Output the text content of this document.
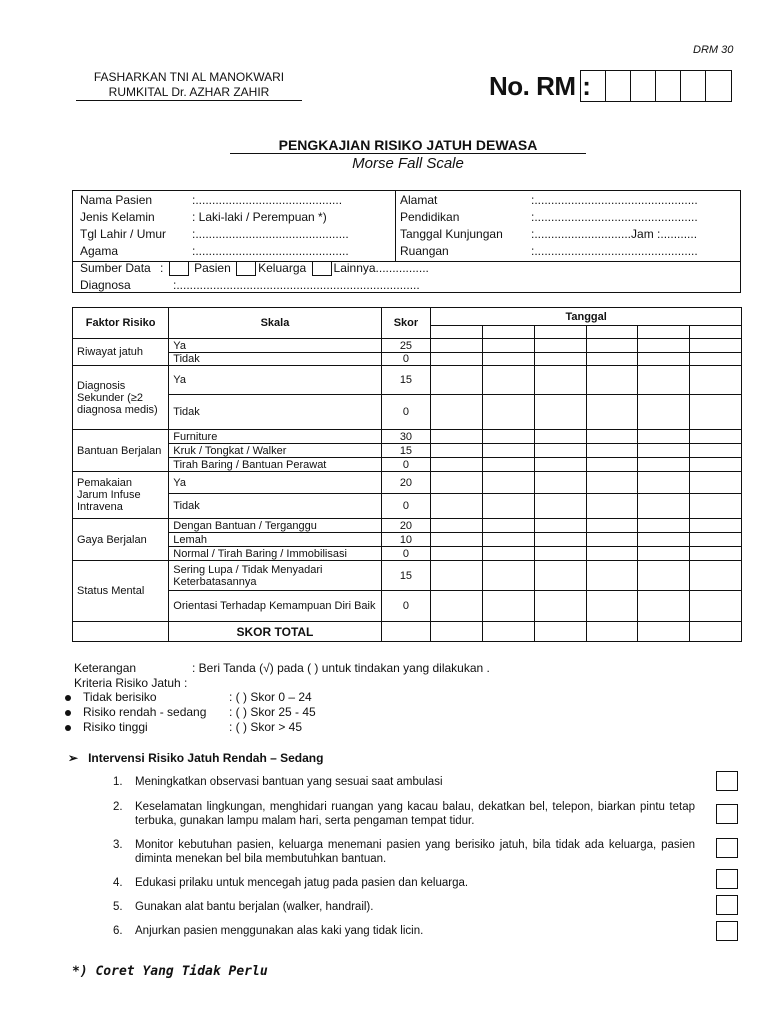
DRM 30
FASHARKAN TNI AL MANOKWARI
RUMKITAL Dr. AZHAR ZAHIR	No. RM :
PENGKAJIAN RISIKO JATUH DEWASA
Morse Fall Scale
Nama Pasien	:............................................
Jenis Kelamin	: Laki-laki / Perempuan *)
Tgl Lahir / Umur :..............................................
Agama	:..............................................
Alamat	:.................................................
Pendidikan	:.................................................
Tanggal Kunjungan :.............................Jam :...........
Ruangan	:.................................................
Sumber Data :	Pasien Keluarga Lainnya................
Diagnosa	:.........................................................................
Faktor Risiko	Skala	Skor	Tanggal					

Riwayat jatuh	Ya	25						
	Tidak	0						
Diagnosis Sekunder (≥2 diagnosa medis)	Ya	15						
	Tidak	0						
Bantuan Berjalan	Furniture	30						
	Kruk / Tongkat / Walker	15						
	Tirah Baring / Bantuan Perawat	0						
Pemakaian Jarum Infuse Intravena	Ya	20						
	Tidak	0						
Gaya Berjalan	Dengan Bantuan / Terganggu	20						
	Lemah	10						
	Normal / Tirah Baring / Immobilisasi	0						
Status Mental	Sering Lupa / Tidak Menyadari Keterbatasannya	15						
	Orientasi Terhadap Kemampuan Diri Baik	0						
	SKOR TOTAL							
Keterangan	: Beri Tanda (√) pada ( ) untuk tindakan yang dilakukan .
Kriteria Risiko Jatuh :
Tidak berisiko	: ( ) Skor 0 – 24
Risiko rendah - sedang : ( ) Skor 25 - 45
Risiko tinggi	: ( ) Skor > 45
➢ Intervensi Risiko Jatuh Rendah – Sedang
1.	Meningkatkan observasi bantuan yang sesuai saat ambulasi
2.	Keselamatan lingkungan, menghidari ruangan yang kacau balau, dekatkan bel, telepon, biarkan pintu tetap terbuka, gunakan lampu malam hari, serta pengaman tempat tidur.
3.	Monitor kebutuhan pasien, keluarga menemani pasien yang berisiko jatuh, bila tidak ada keluarga, pasien diminta menekan bel bila membutuhkan bantuan.
4.	Edukasi prilaku untuk mencegah jatug pada pasien dan keluarga.
5.	Gunakan alat bantu berjalan (walker, handrail).
6.	Anjurkan pasien menggunakan alas kaki yang tidak licin.
*) Coret Yang Tidak Perlu
